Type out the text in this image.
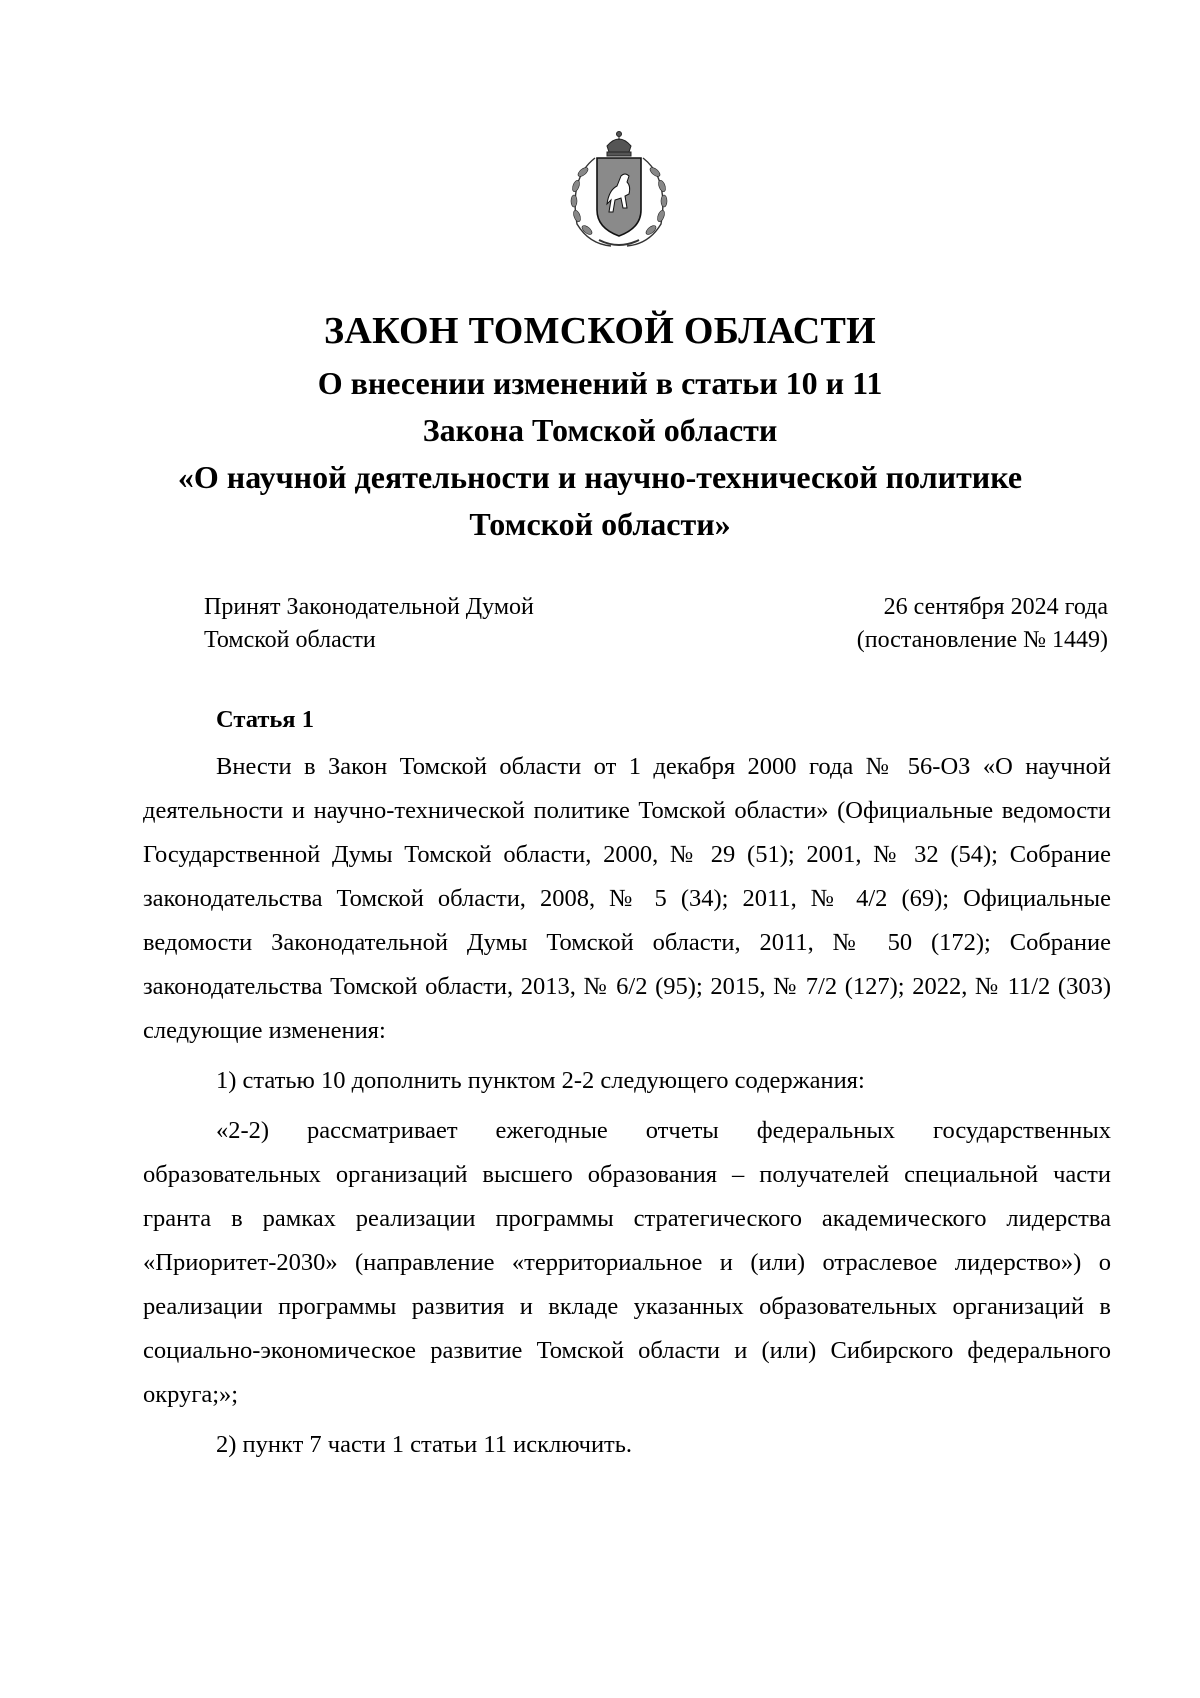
ЗАКОН ТОМСКОЙ ОБЛАСТИ

О внесении изменений в статьи 10 и 11
Закона Томской области
«О научной деятельности и научно-технической политике
Томской области»

Принят Законодательной Думой
Томской области
26 сентября 2024 года
(постановление № 1449)

Статья 1

Внести в Закон Томской области от 1 декабря 2000 года № 56-ОЗ «О научной деятельности и научно-технической политике Томской области» (Официальные ведомости Государственной Думы Томской области, 2000, № 29 (51); 2001, № 32 (54); Собрание законодательства Томской области, 2008, № 5 (34); 2011, № 4/2 (69); Официальные ведомости Законодательной Думы Томской области, 2011, № 50 (172); Собрание законодательства Томской области, 2013, № 6/2 (95); 2015, № 7/2 (127); 2022, № 11/2 (303) следующие изменения:

1) статью 10 дополнить пунктом 2-2 следующего содержания:

«2-2) рассматривает ежегодные отчеты федеральных государственных образовательных организаций высшего образования – получателей специальной части гранта в рамках реализации программы стратегического академического лидерства «Приоритет-2030» (направление «территориальное и (или) отраслевое лидерство») о реализации программы развития и вкладе указанных образовательных организаций в социально-экономическое развитие Томской области и (или) Сибирского федерального округа;»;

2) пункт 7 части 1 статьи 11 исключить.
